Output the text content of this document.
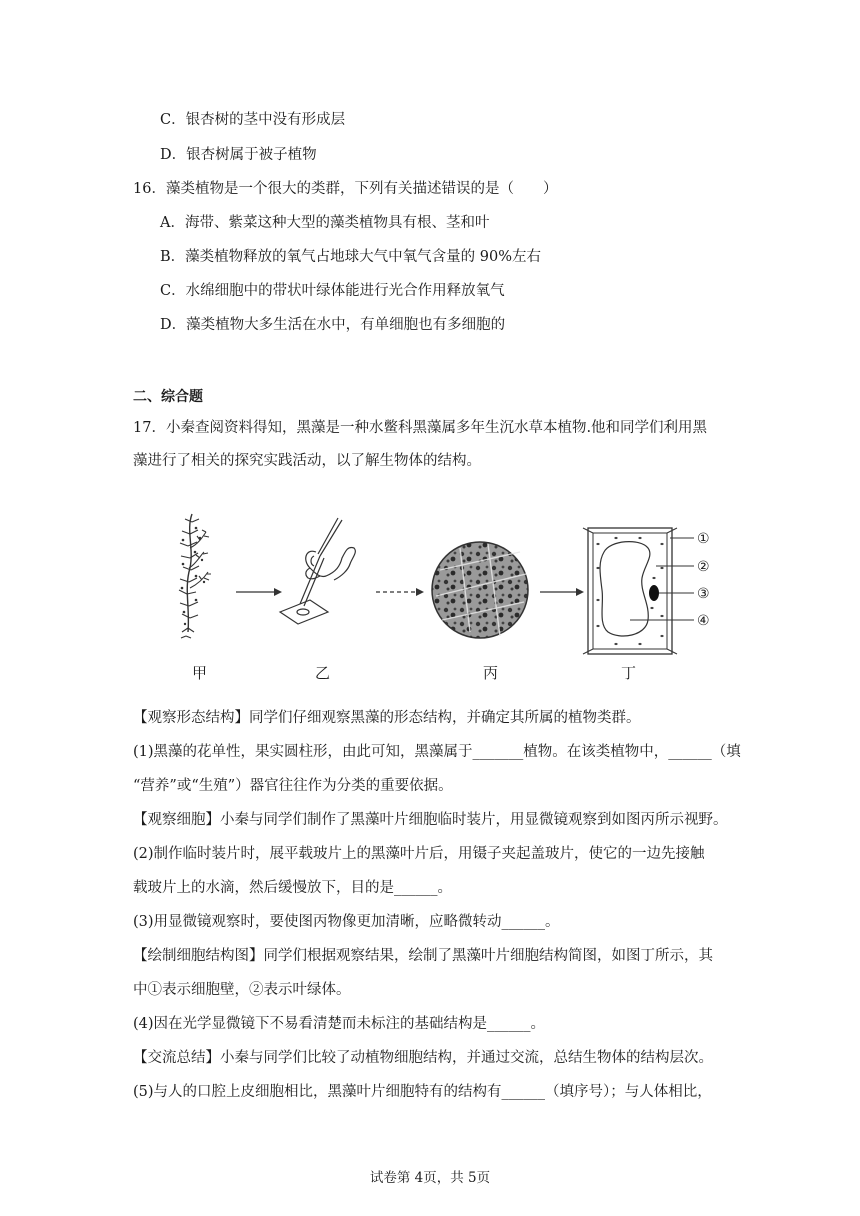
C．银杏树的茎中没有形成层
D．银杏树属于被子植物
16．藻类植物是一个很大的类群，下列有关描述错误的是（　　）
A．海带、紫菜这种大型的藻类植物具有根、茎和叶
B．藻类植物释放的氧气占地球大气中氧气含量的 90%左右
C．水绵细胞中的带状叶绿体能进行光合作用释放氧气
D．藻类植物大多生活在水中，有单细胞也有多细胞的
二、综合题
17．小秦查阅资料得知，黑藻是一种水鳖科黑藻属多年生沉水草本植物.他和同学们利用黑
藻进行了相关的探究实践活动，以了解生物体的结构。
①
②
③
④
甲	乙	丙	丁
【观察形态结构】同学们仔细观察黑藻的形态结构，并确定其所属的植物类群。
(1)黑藻的花单性，果实圆柱形，由此可知，黑藻属于_______植物。在该类植物中，______（填
“营养”或“生殖”）器官往往作为分类的重要依据。
【观察细胞】小秦与同学们制作了黑藻叶片细胞临时装片，用显微镜观察到如图丙所示视野。
(2)制作临时装片时，展平载玻片上的黑藻叶片后，用镊子夹起盖玻片，使它的一边先接触
载玻片上的水滴，然后缓慢放下，目的是______。
(3)用显微镜观察时，要使图丙物像更加清晰，应略微转动______。
【绘制细胞结构图】同学们根据观察结果，绘制了黑藻叶片细胞结构简图，如图丁所示，其
中①表示细胞壁，②表示叶绿体。
(4)因在光学显微镜下不易看清楚而未标注的基础结构是______。
【交流总结】小秦与同学们比较了动植物细胞结构，并通过交流，总结生物体的结构层次。
(5)与人的口腔上皮细胞相比，黑藻叶片细胞特有的结构有______（填序号）；与人体相比，
试卷第 4页，共 5页
